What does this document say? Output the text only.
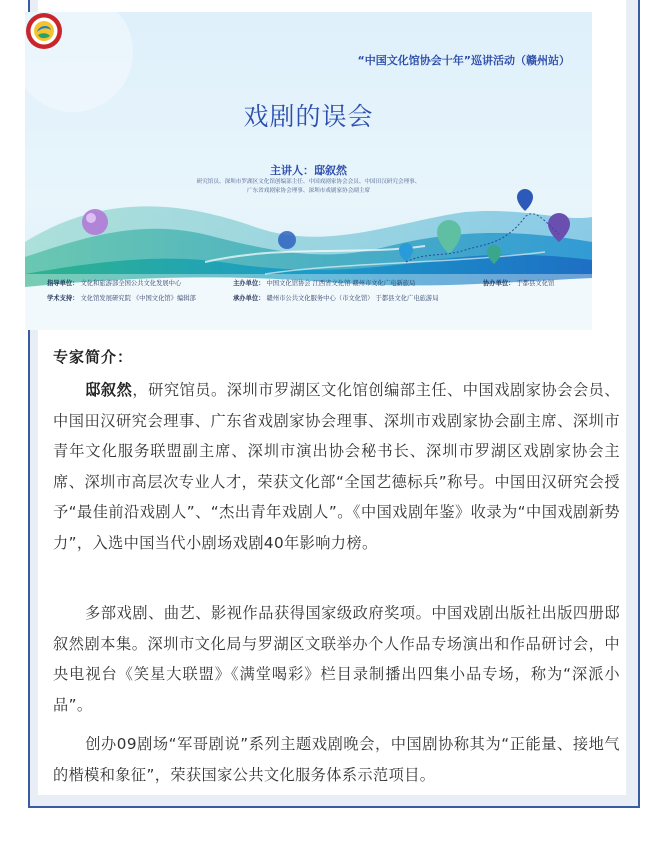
“中国文化馆协会十年”巡讲活动（赣州站）
戏剧的误会
主讲人：邸叙然
研究馆员、深圳市罗湖区文化馆创编部主任、中国戏剧家协会会员、中国田汉研究会理事、
广东省戏剧家协会理事、深圳市戏剧家协会副主席
指导单位： 文化和旅游部全国公共文化发展中心
学术支持： 文化馆发展研究院 《中国文化馆》编辑部
主办单位： 中国文化馆协会 江西省文化馆 赣州市文化广电新旅局
承办单位： 赣州市公共文化服务中心（市文化馆） 于都县文化广电旅游局
协办单位： 于都县文化馆
专家简介：
邸叙然，研究馆员。深圳市罗湖区文化馆创编部主任、中国戏剧家协会会员、中国田汉研究会理事、广东省戏剧家协会理事、深圳市戏剧家协会副主席、深圳市青年文化服务联盟副主席、深圳市演出协会秘书长、深圳市罗湖区戏剧家协会主席、深圳市高层次专业人才，荣获文化部“全国艺德标兵”称号。中国田汉研究会授予“最佳前沿戏剧人”、“杰出青年戏剧人”。《中国戏剧年鉴》收录为“中国戏剧新势力”，入选中国当代小剧场戏剧40年影响力榜。
多部戏剧、曲艺、影视作品获得国家级政府奖项。中国戏剧出版社出版四册邸叙然剧本集。深圳市文化局与罗湖区文联举办个人作品专场演出和作品研讨会，中央电视台《笑星大联盟》《满堂喝彩》栏目录制播出四集小品专场，称为“深派小品”。
创办09剧场“军哥剧说”系列主题戏剧晚会，中国剧协称其为“正能量、接地气的楷模和象征”，荣获国家公共文化服务体系示范项目。
